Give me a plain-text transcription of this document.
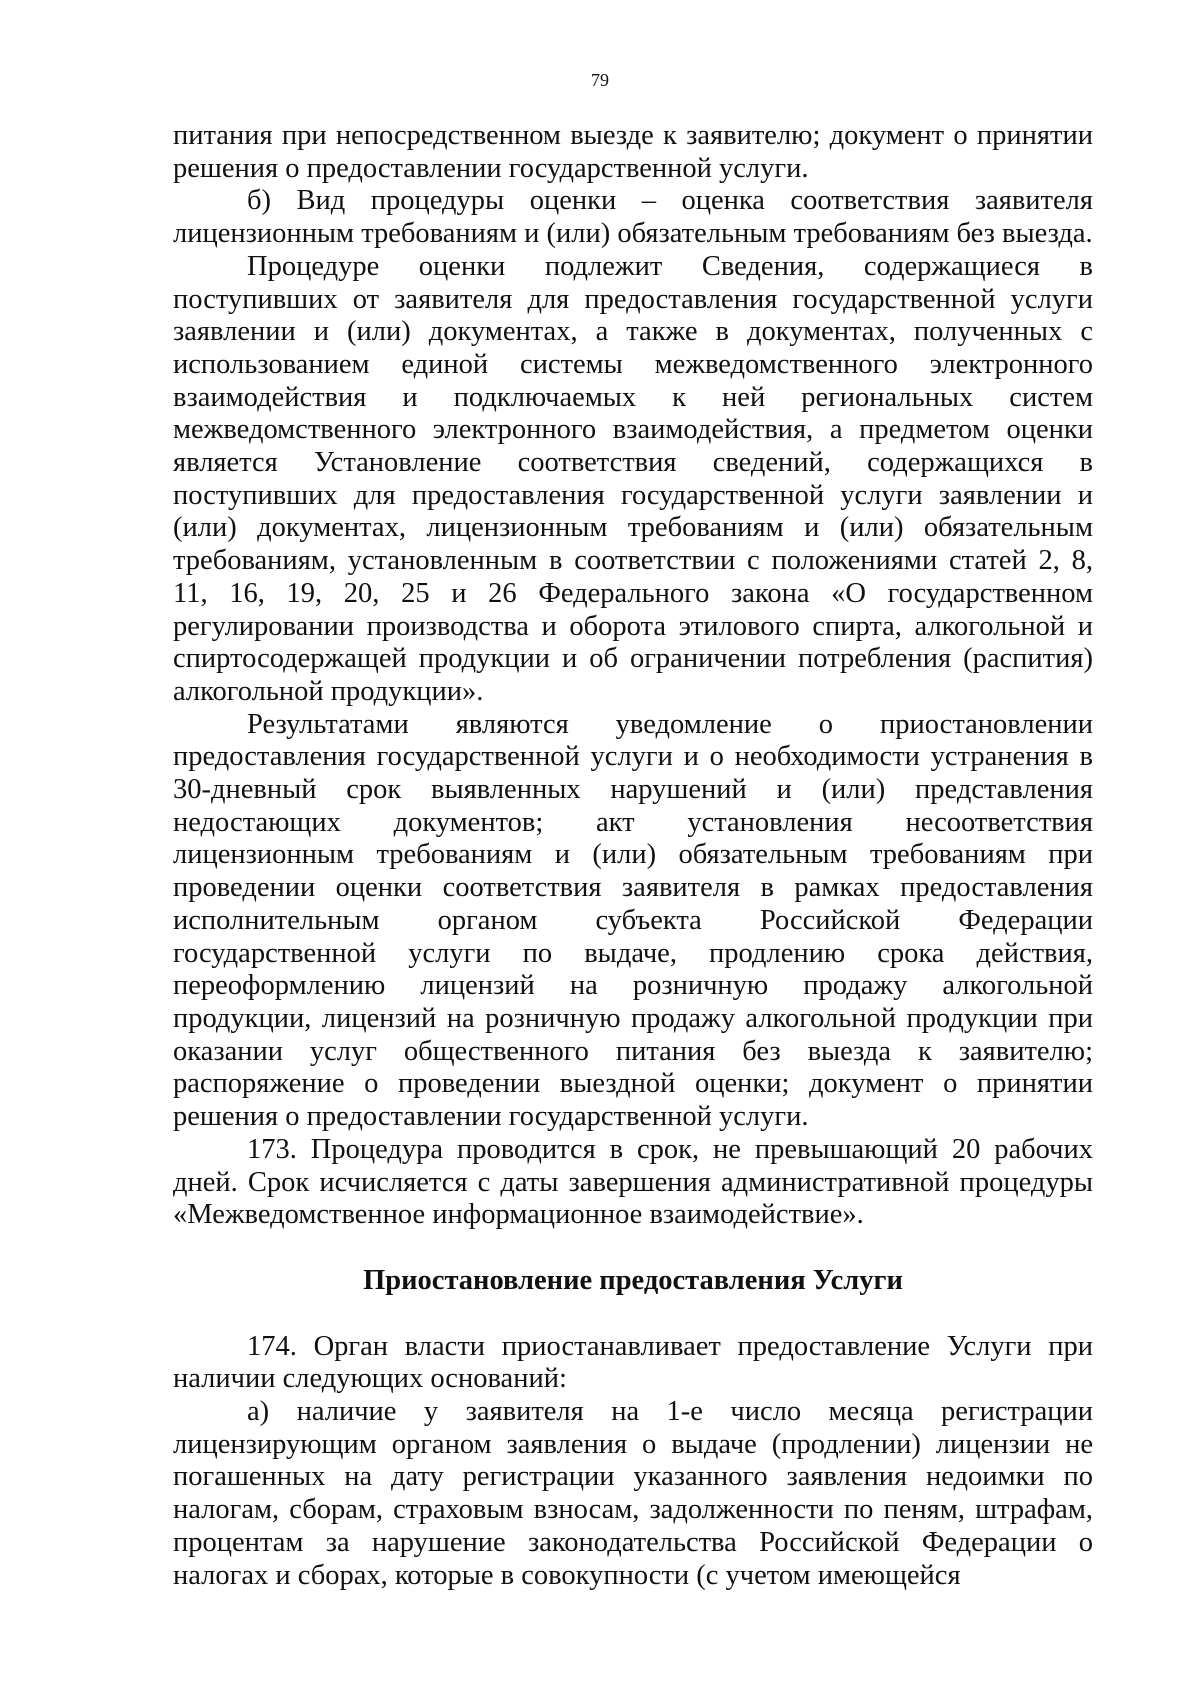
79

питания при непосредственном выезде к заявителю; документ о принятии решения о предоставлении государственной услуги.

б) Вид процедуры оценки – оценка соответствия заявителя лицензионным требованиям и (или) обязательным требованиям без выезда.

Процедуре оценки подлежит Сведения, содержащиеся в поступивших от заявителя для предоставления государственной услуги заявлении и (или) документах, а также в документах, полученных с использованием единой системы межведомственного электронного взаимодействия и подключаемых к ней региональных систем межведомственного электронного взаимодействия, а предметом оценки является Установление соответствия сведений, содержащихся в поступивших для предоставления государственной услуги заявлении и (или) документах, лицензионным требованиям и (или) обязательным требованиям, установленным в соответствии с положениями статей 2, 8, 11, 16, 19, 20, 25 и 26 Федерального закона «О государственном регулировании производства и оборота этилового спирта, алкогольной и спиртосодержащей продукции и об ограничении потребления (распития) алкогольной продукции».

Результатами являются уведомление о приостановлении предоставления государственной услуги и о необходимости устранения в 30-дневный срок выявленных нарушений и (или) представления недостающих документов; акт установления несоответствия лицензионным требованиям и (или) обязательным требованиям при проведении оценки соответствия заявителя в рамках предоставления исполнительным органом субъекта Российской Федерации государственной услуги по выдаче, продлению срока действия, переоформлению лицензий на розничную продажу алкогольной продукции, лицензий на розничную продажу алкогольной продукции при оказании услуг общественного питания без выезда к заявителю; распоряжение о проведении выездной оценки; документ о принятии решения о предоставлении государственной услуги.

173. Процедура проводится в срок, не превышающий 20 рабочих дней. Срок исчисляется с даты завершения административной процедуры «Межведомственное информационное взаимодействие».

Приостановление предоставления Услуги

174. Орган власти приостанавливает предоставление Услуги при наличии следующих оснований:

а) наличие у заявителя на 1-е число месяца регистрации лицензирующим органом заявления о выдаче (продлении) лицензии не погашенных на дату регистрации указанного заявления недоимки по налогам, сборам, страховым взносам, задолженности по пеням, штрафам, процентам за нарушение законодательства Российской Федерации о налогах и сборах, которые в совокупности (с учетом имеющейся
